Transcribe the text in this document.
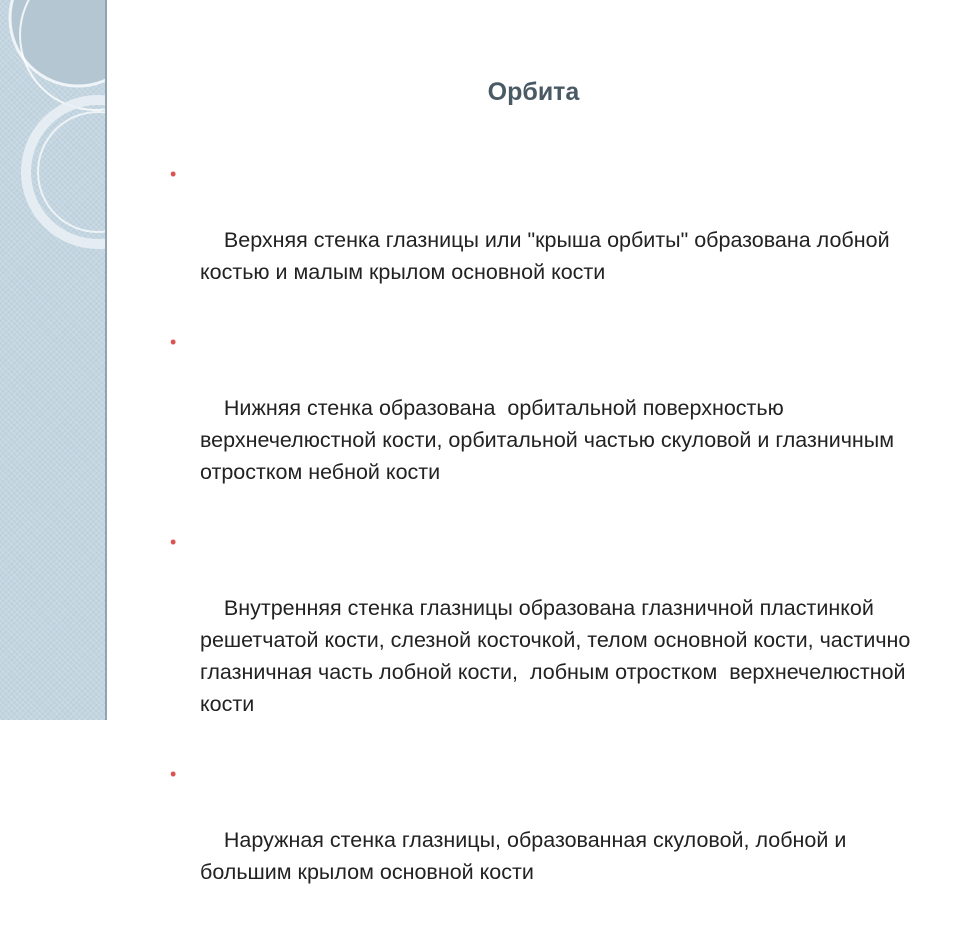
Орбита

•

Верхняя стенка глазницы или "крыша орбиты" образована лобной костью и малым крылом основной кости

•

Нижняя стенка образована  орбитальной поверхностью верхнечелюстной кости, орбитальной частью скуловой и глазничным отростком небной кости

•

Внутренняя стенка глазницы образована глазничной пластинкой  решетчатой кости, слезной косточкой, телом основной кости, частично глазничная часть лобной кости,  лобным отростком  верхнечелюстной кости

•

Наружная стенка глазницы, образованная скуловой, лобной и большим крылом основной кости
